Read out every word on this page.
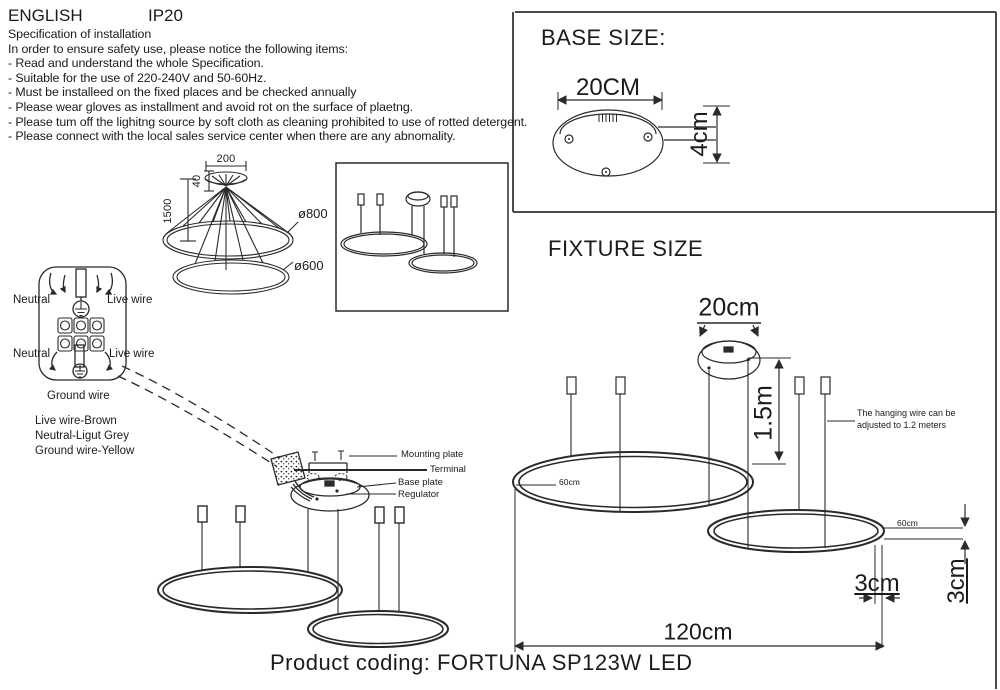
ENGLISH	IP20
Specification of installation
In order to ensure safety use, please notice the following items:
- Read and understand the whole Specification.
- Suitable for the use of 220-240V and 50-60Hz.
- Must be installeed on the fixed places and be checked annually
- Please wear gloves as installment and avoid rot on the surface of plaetng.
- Please tum off the lighitng source by soft cloth as cleaning prohibited to use of rotted detergent.
- Please connect with the local sales service center when there are any abnomality.
200
40
1500	ø800
ø600
Neutral	Live wire
Neutral	Live wire
Ground wire
Live wire-Brown
Neutral-Ligut Grey
Ground wire-Yellow	Mounting plate
Terminal
Base plate
Regulator
BASE SIZE:
20CM
4cm
FIXTURE SIZE
20cm
1.5m
60cm
60cm
3cm 3cm
120cm
The hanging wire can be adjusted to 1.2 meters
Product coding: FORTUNA SP123W LED
